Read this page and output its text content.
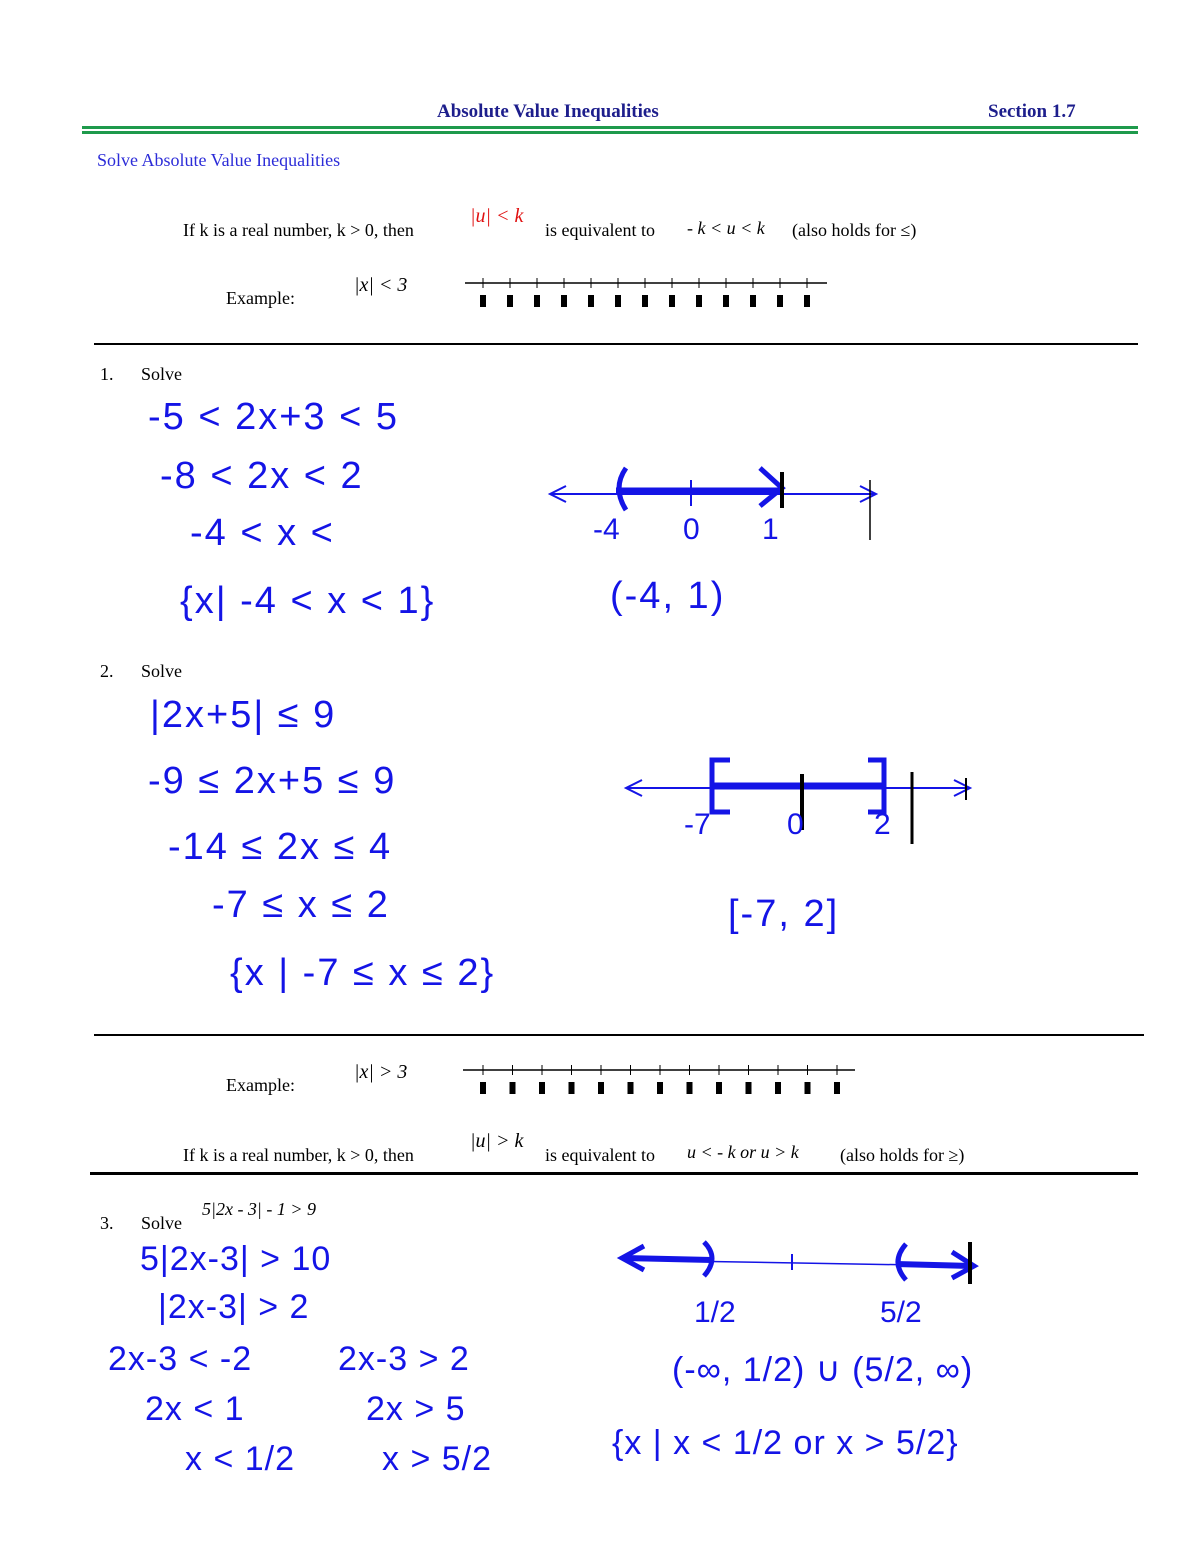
Absolute Value Inequalities	Section 1.7
Solve Absolute Value Inequalities
If k is a real number, k > 0, then
|u| < k
is equivalent to - k < u < k (also holds for ≤)
Example:
|x| < 3
1. Solve
-5 < 2x+3 < 5
-8 < 2x < 2
-4 < x <
{x| -4 < x < 1}
-4 0 1
(-4, 1)
2. Solve
|2x+5| ≤ 9
-9 ≤ 2x+5 ≤ 9
-14 ≤ 2x ≤ 4
-7 ≤ x ≤ 2
{x | -7 ≤ x ≤ 2}
-7	0 2
[-7, 2]
Example:
|x| > 3
If k is a real number, k > 0, then
|u| > k
is equivalent to u < - k or u > k (also holds for ≥)
3. Solve
5|2x - 3| - 1 > 9
5|2x-3| > 10
|2x-3| > 2
2x-3 < -2
2x < 1
x < 1/2
2x-3 > 2
2x > 5
x > 5/2
1/2	5/2
(-∞, 1/2) ∪ (5/2, ∞)
{x | x < 1/2 or x > 5/2}
